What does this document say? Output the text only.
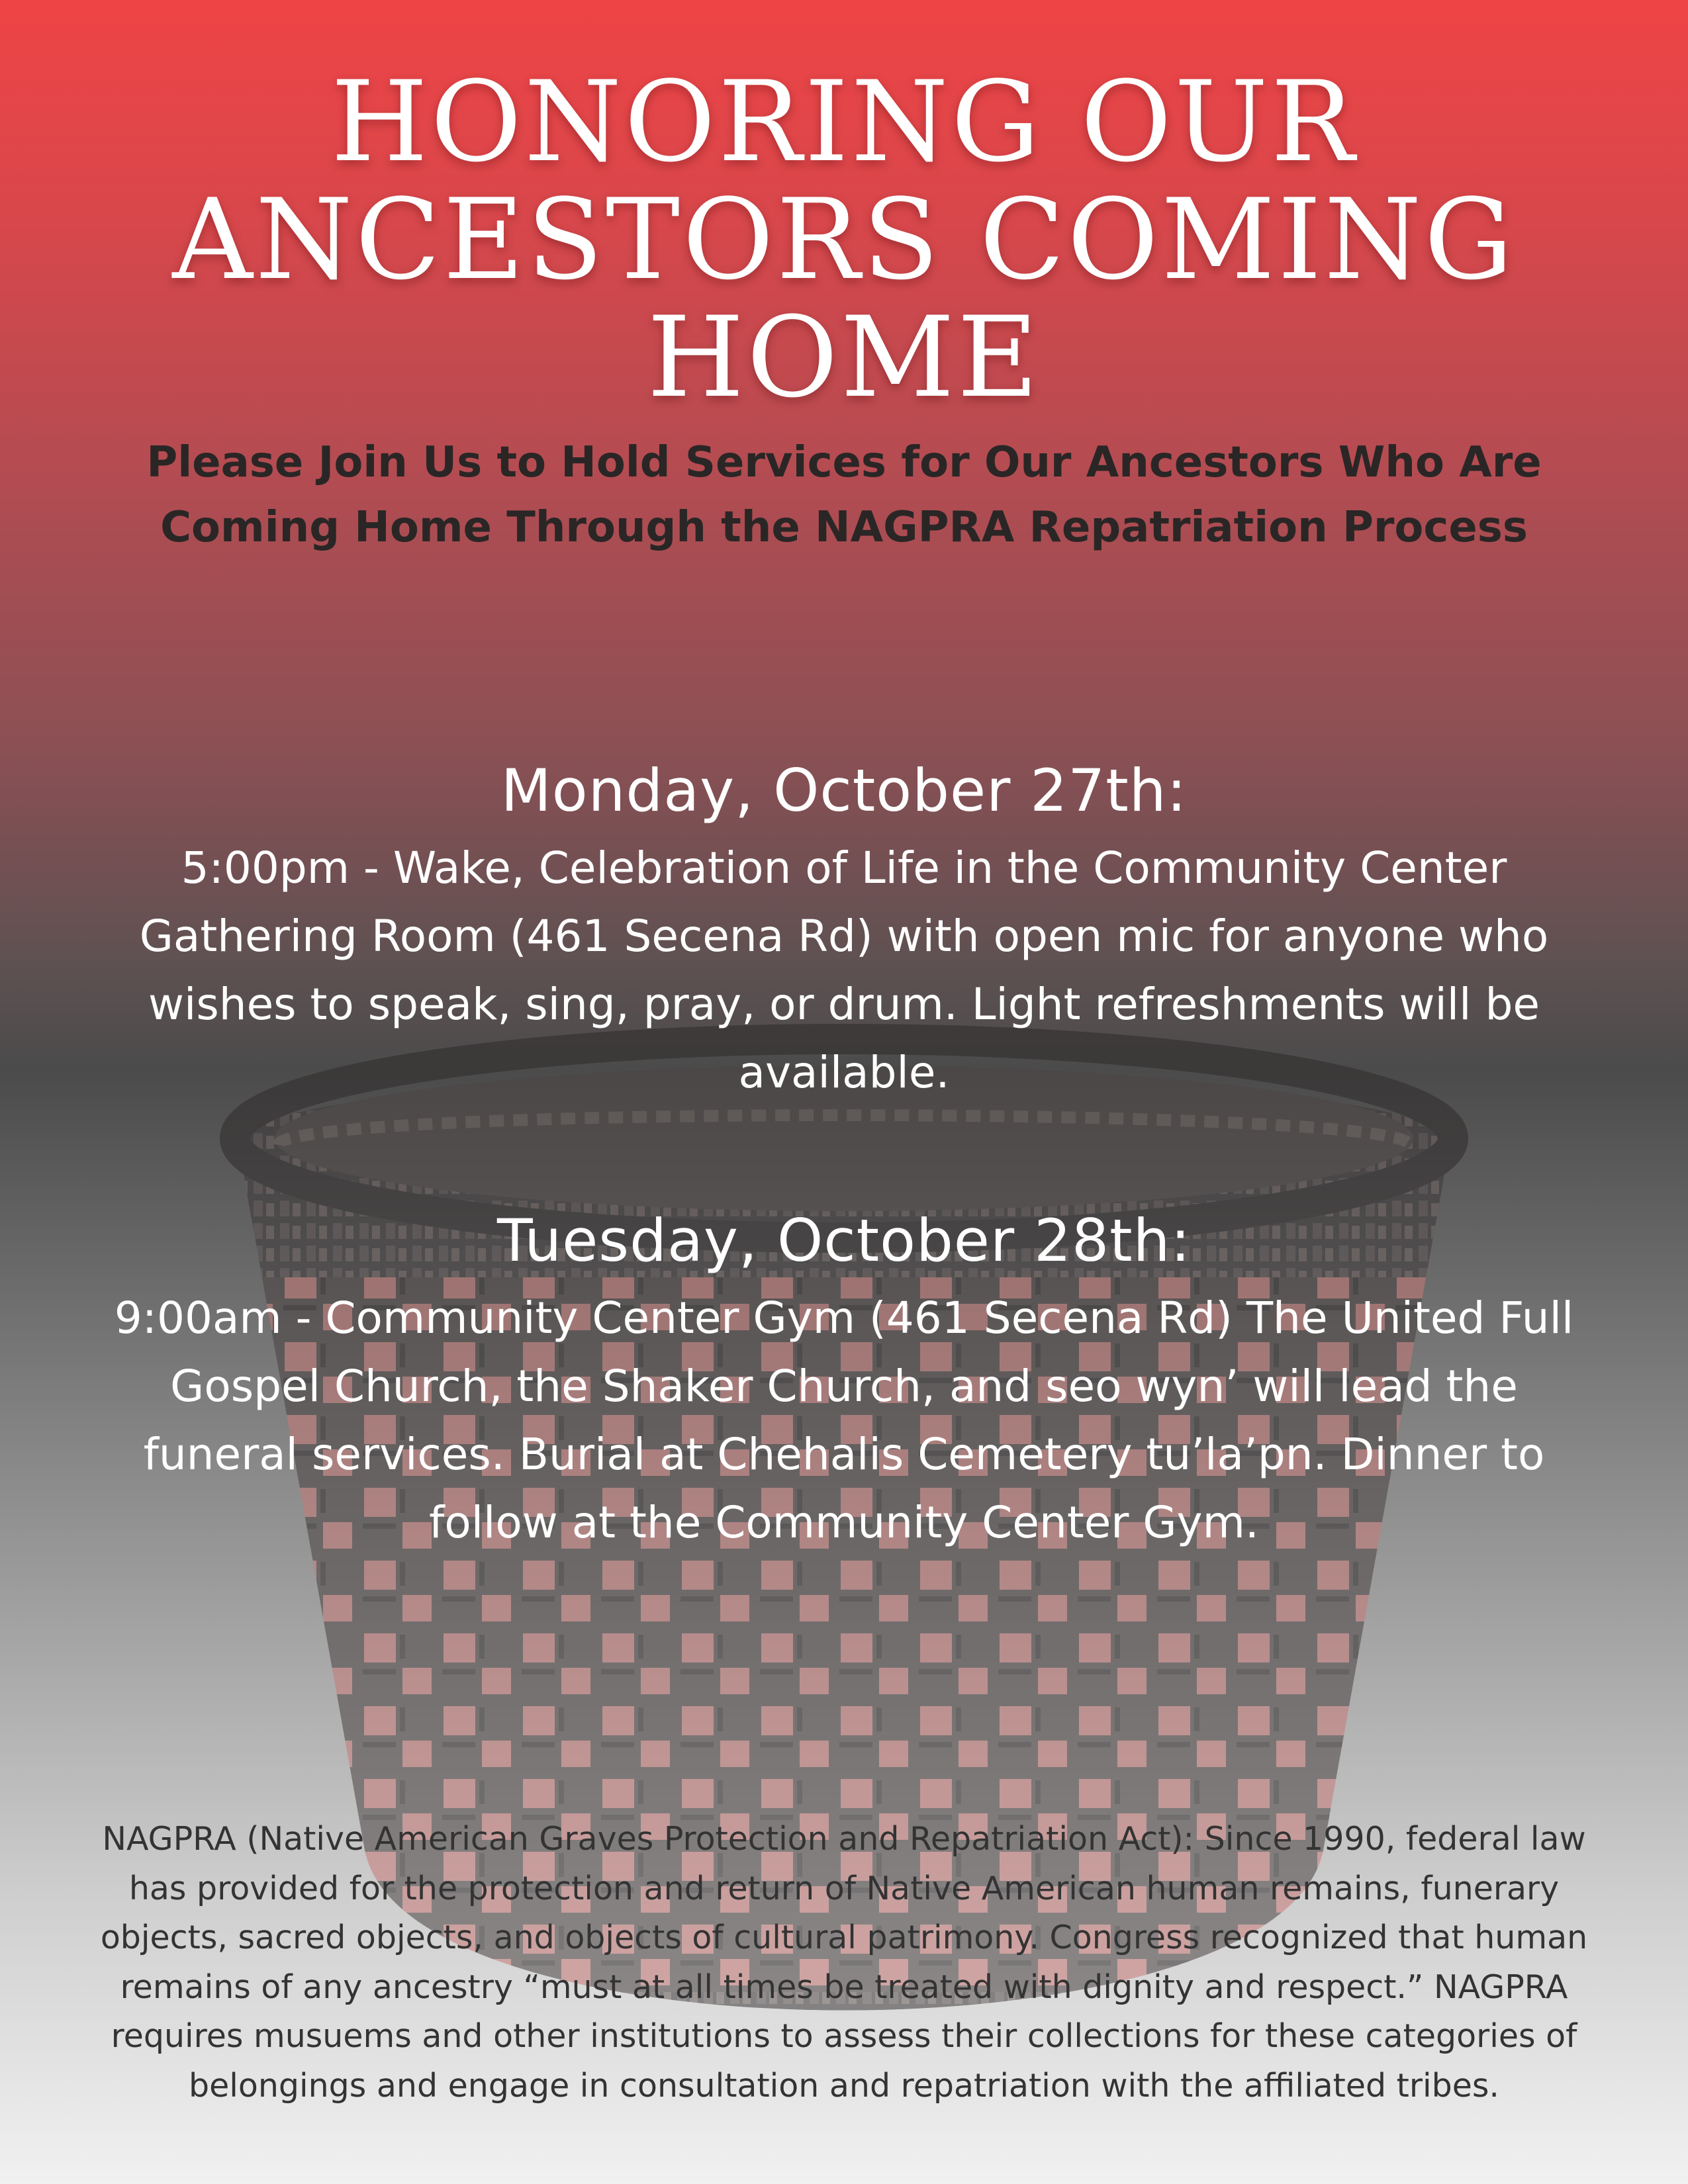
HONORING OUR ANCESTORS COMING HOME
Please Join Us to Hold Services for Our Ancestors Who Are Coming Home Through the NAGPRA Repatriation Process
Monday, October 27th:
5:00pm - Wake, Celebration of Life in the Community Center Gathering Room (461 Secena Rd) with open mic for anyone who wishes to speak, sing, pray, or drum. Light refreshments will be available.
Tuesday, October 28th:
9:00am - Community Center Gym (461 Secena Rd) The United Full Gospel Church, the Shaker Church, and seo wyn’ will lead the funeral services. Burial at Chehalis Cemetery tu’la’pn. Dinner to follow at the Community Center Gym.

NAGPRA (Native American Graves Protection and Repatriation Act): Since 1990, federal law has provided for the protection and return of Native American human remains, funerary objects, sacred objects, and objects of cultural patrimony. Congress recognized that human remains of any ancestry “must at all times be treated with dignity and respect.” NAGPRA requires musuems and other institutions to assess their collections for these categories of belongings and engage in consultation and repatriation with the affiliated tribes.
